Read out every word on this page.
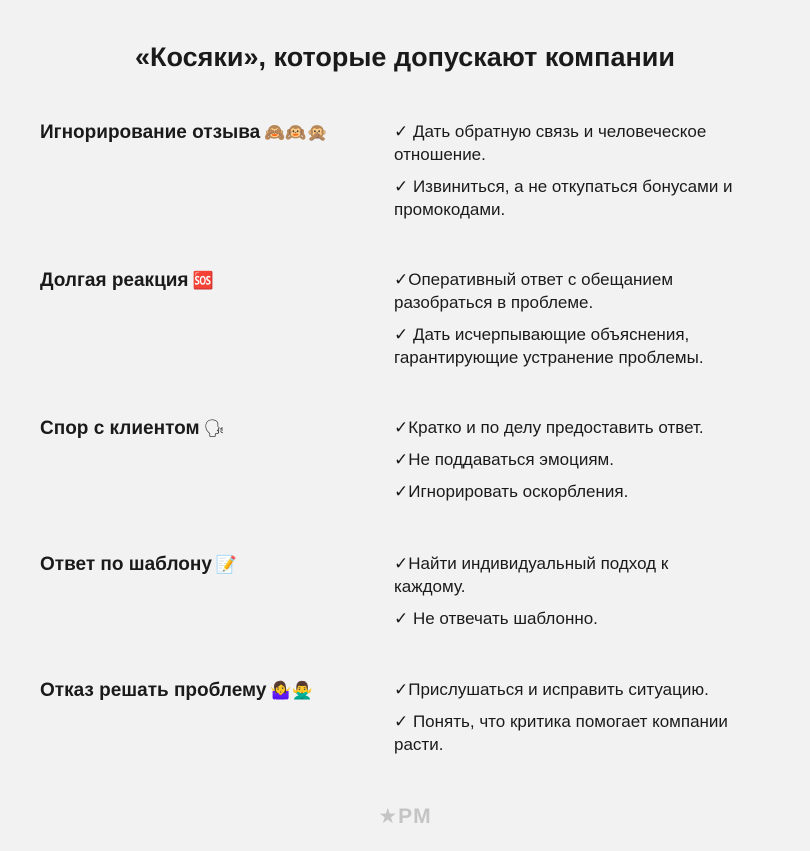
«Косяки», которые допускают компании
Игнорирование отзыва 🙈🙉🙊	✓ Дать обратную связь и человеческое отношение.
✓ Извиниться, а не откупаться бонусами и промокодами.
Долгая реакция 🆘	✓Оперативный ответ с обещанием разобраться в проблеме.
✓ Дать исчерпывающие объяснения, гарантирующие устранение проблемы.
Спор с клиентом 🗣	✓Кратко и по делу предоставить ответ.
✓Не поддаваться эмоциям.
✓Игнорировать оскорбления.
Ответ по шаблону 📝	✓Найти индивидуальный подход к каждому.
✓ Не отвечать шаблонно.
Отказ решать проблему 🤷‍♀️🙅‍♂️	✓Прислушаться и исправить ситуацию.
✓ Понять, что критика помогает компании расти.
★PM
